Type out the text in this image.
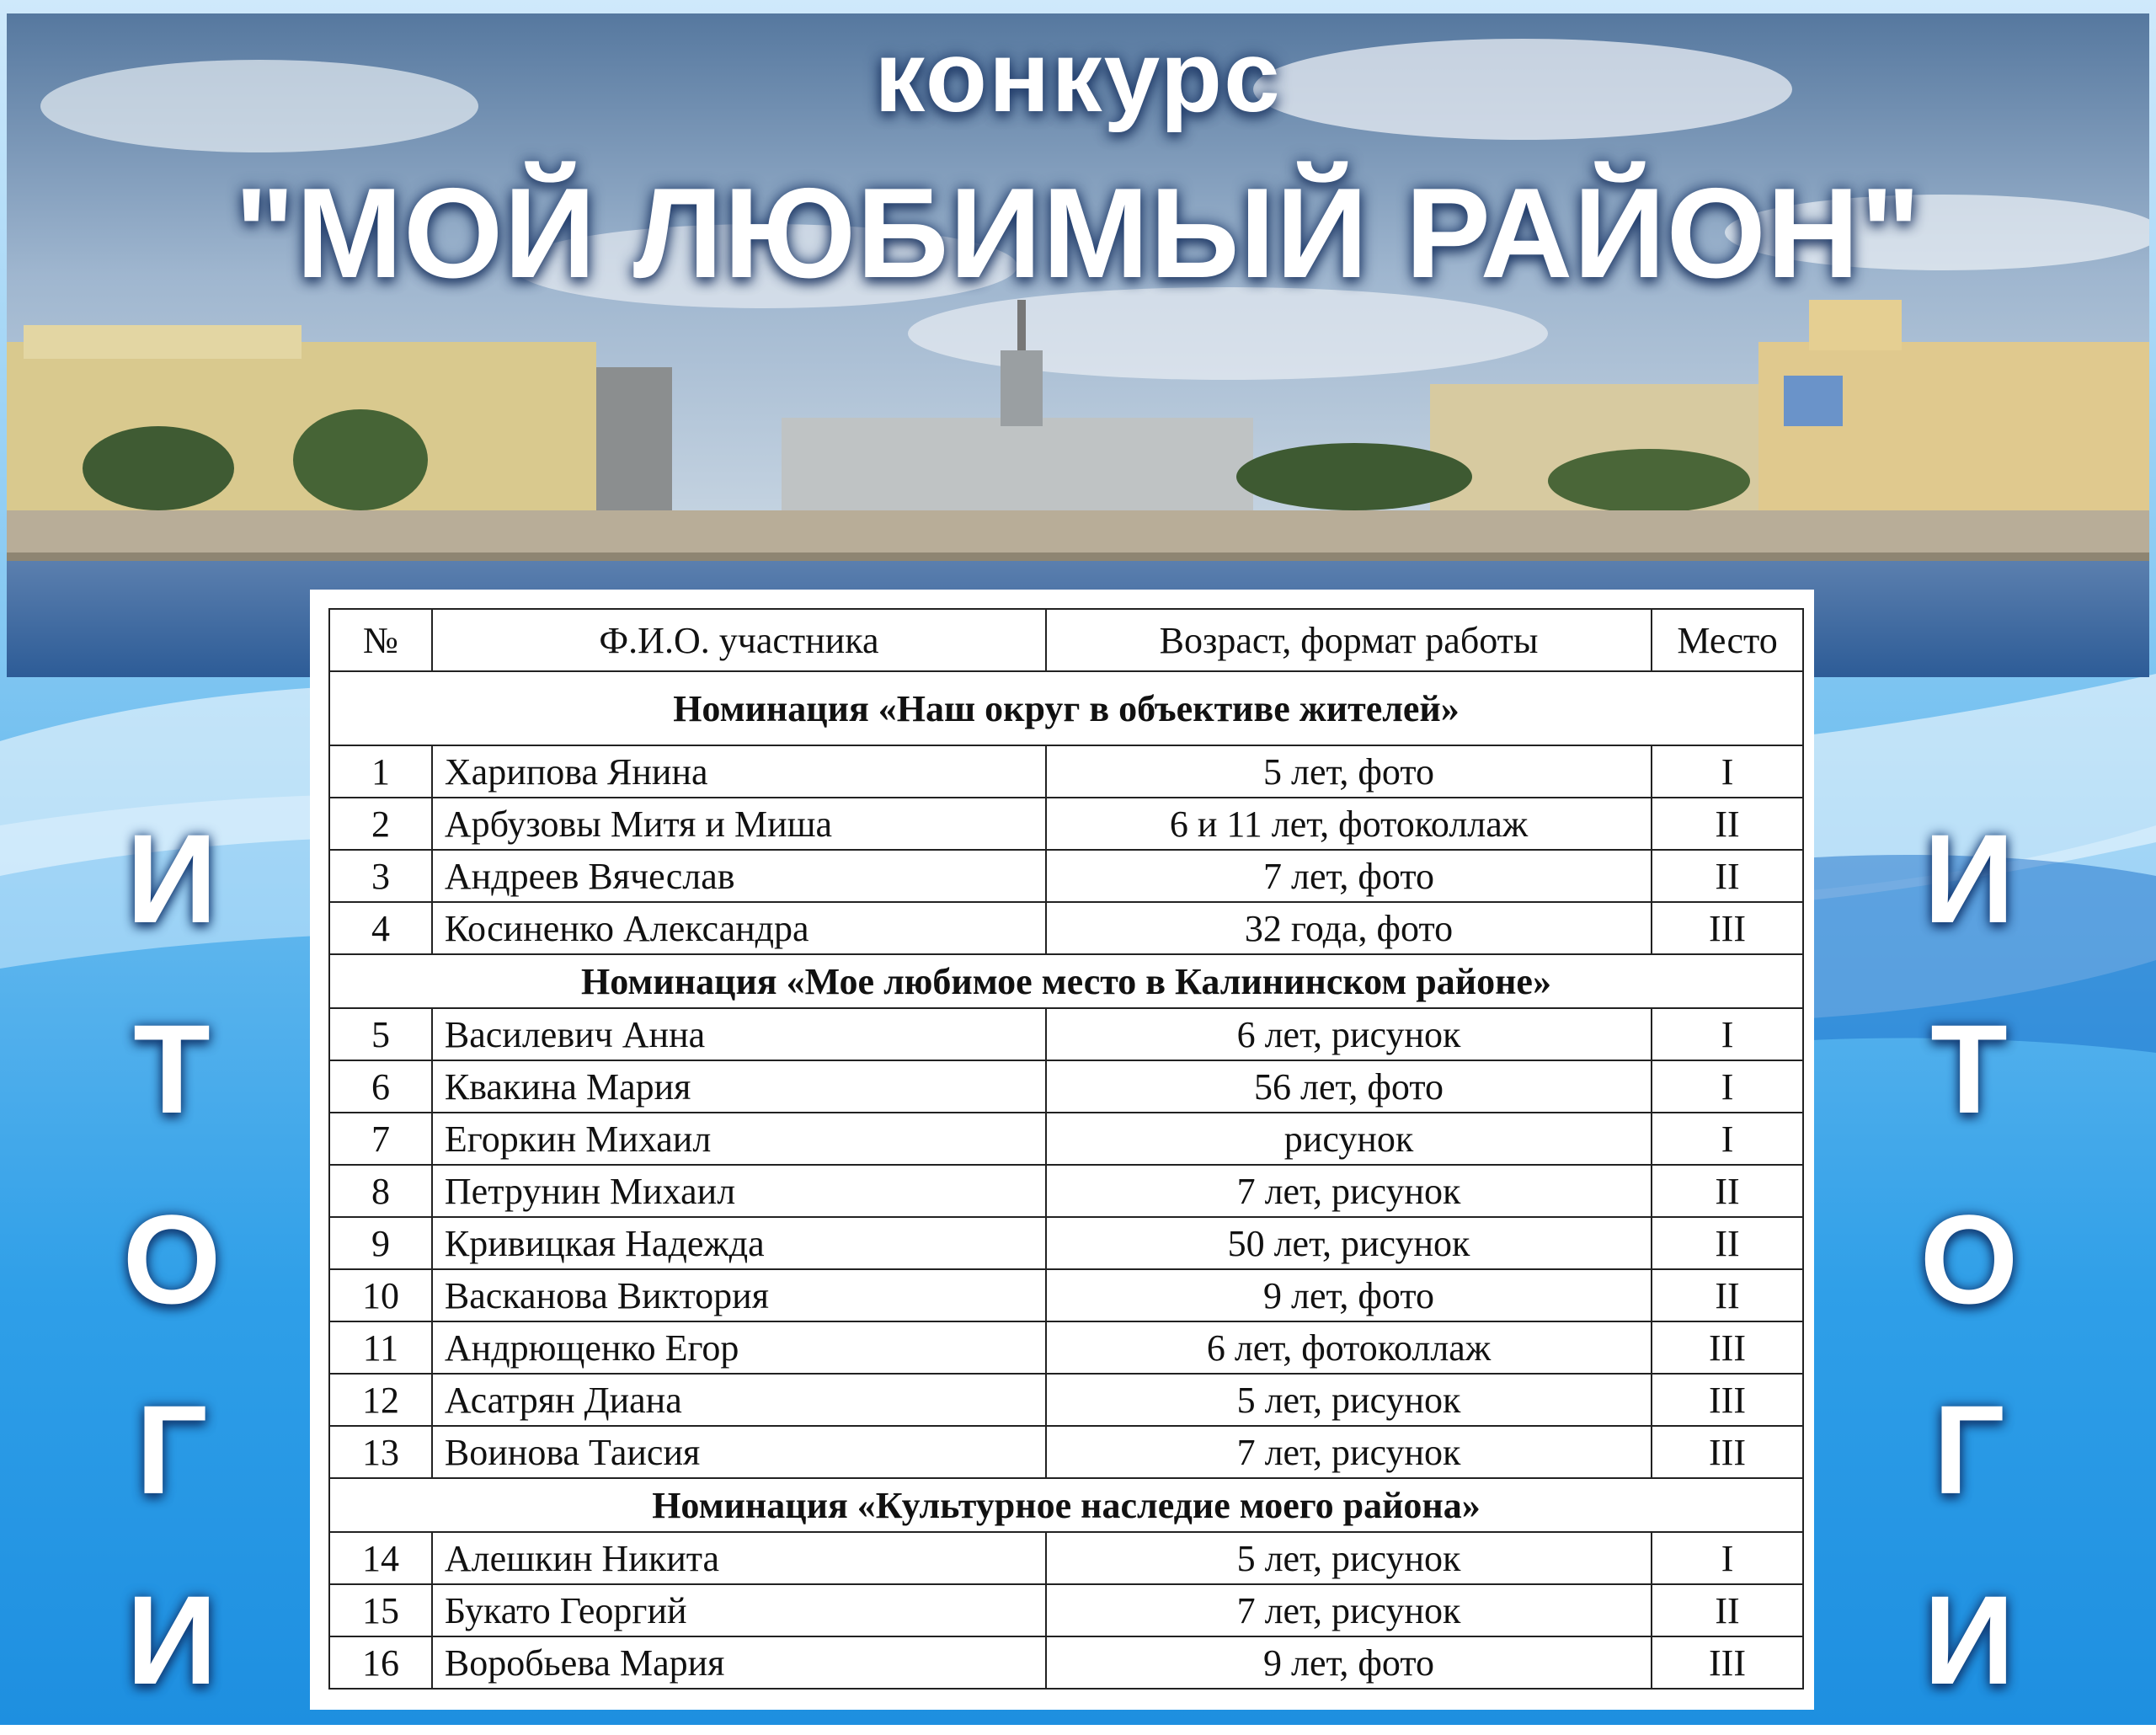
конкурс
"МОЙ ЛЮБИМЫЙ РАЙОН"
И
Т
О
Г
И
И
Т
О
Г
И
№	Ф.И.О. участника	Возраст, формат работы	Место
Номинация «Наш округ в объективе жителей»			
1	Харипова Янина	5 лет, фото	I
2	Арбузовы Митя и Миша	6 и 11 лет, фотоколлаж	II
3	Андреев Вячеслав	7 лет, фото	II
4	Косиненко Александра	32 года, фото	III
Номинация «Мое любимое место в Калининском районе»			
5	Василевич Анна	6 лет, рисунок	I
6	Квакина Мария	56 лет, фото	I
7	Егоркин Михаил	рисунок	I
8	Петрунин Михаил	7 лет, рисунок	II
9	Кривицкая Надежда	50 лет, рисунок	II
10	Васканова Виктория	9 лет, фото	II
11	Андрющенко Егор	6 лет, фотоколлаж	III
12	Асатрян Диана	5 лет, рисунок	III
13	Воинова Таисия	7 лет, рисунок	III
Номинация «Культурное наследие моего района»			
14	Алешкин Никита	5 лет, рисунок	I
15	Букато Георгий	7 лет, рисунок	II
16	Воробьева Мария	9 лет, фото	III
